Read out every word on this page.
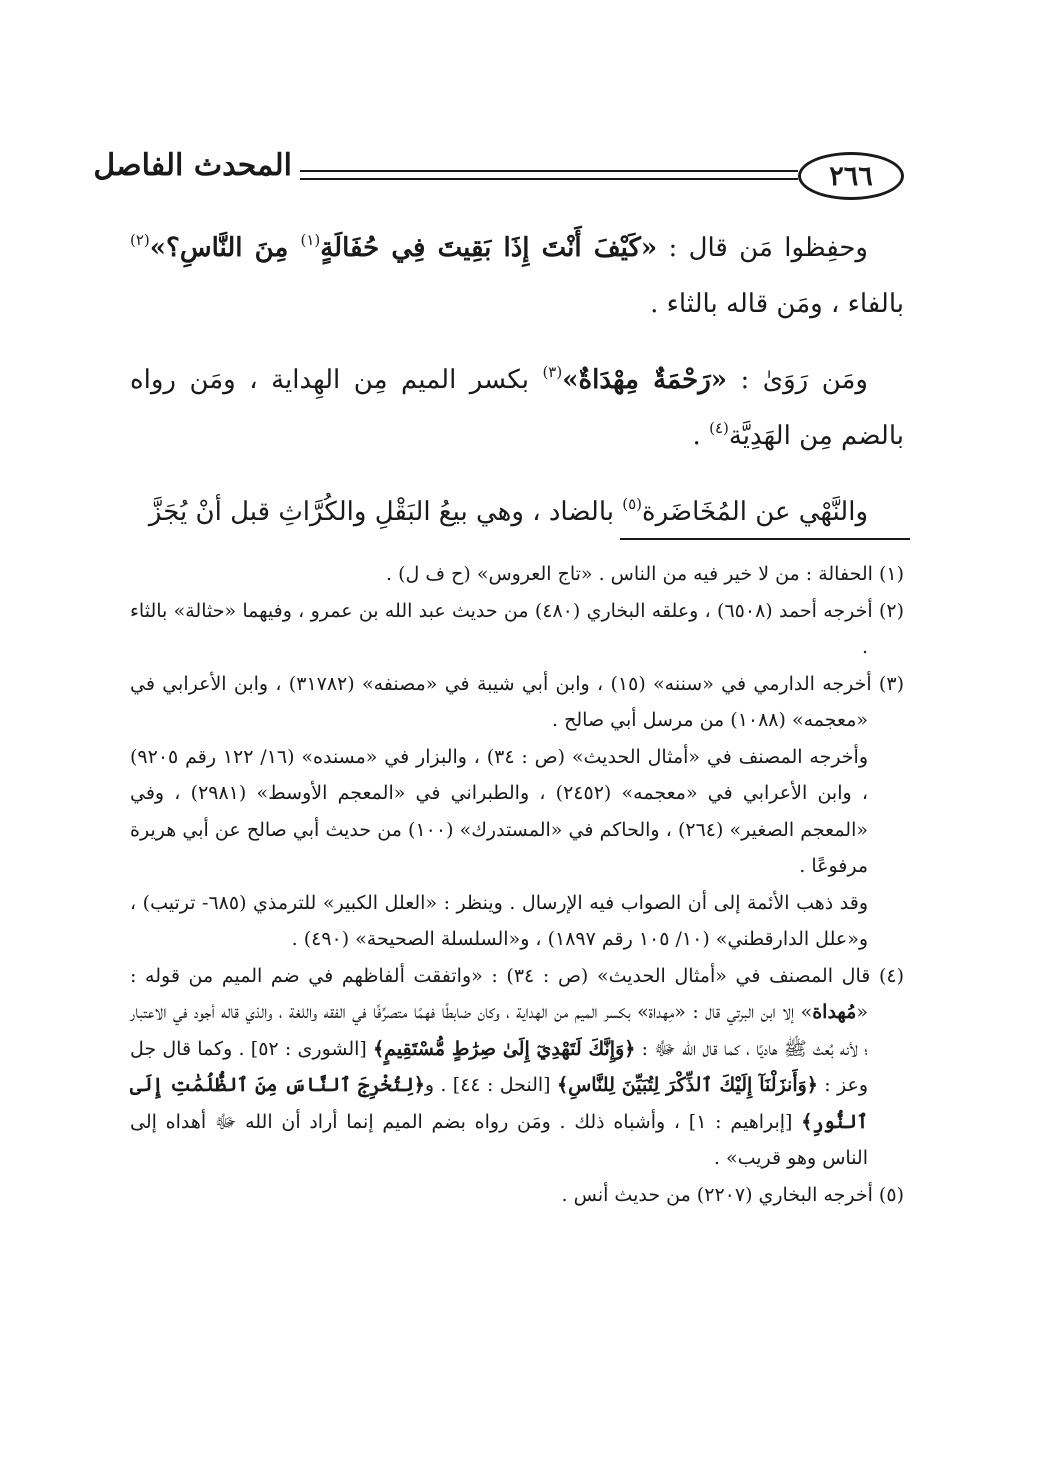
٢٦٦
المحدث الفاصل

وحفِظوا مَن قال : «كَيْفَ أَنْتَ إِذَا بَقِيتَ فِي حُفَالَةٍ$^{(١)}$ مِنَ النَّاسِ؟»$^{(٢)}$ بالفاء ، ومَن قاله بالثاء .

ومَن رَوَىٰ : «رَحْمَةٌ مِهْدَاةٌ»$^{(٣)}$ بكسر الميم مِن الهِداية ، ومَن رواه بالضم مِن الهَدِيَّة$^{(٤)}$ .

والنَّهْي عن المُخَاضَرة$^{(٥)}$ بالضاد ، وهي بيعُ البَقْلِ والكُرَّاثِ قبل أنْ يُجَزَّ

(١) الحفالة : من لا خير فيه من الناس . «تاج العروس» (ح ف ل) .

(٢) أخرجه أحمد (٦٥٠٨) ، وعلقه البخاري (٤٨٠) من حديث عبد الله بن عمرو ، وفيهما «حثالة» بالثاء .

(٣) أخرجه الدارمي في «سننه» (١٥) ، وابن أبي شيبة في «مصنفه» (٣١٧٨٢) ، وابن الأعرابي في «معجمه» (١٠٨٨) من مرسل أبي صالح .

وأخرجه المصنف في «أمثال الحديث» (ص : ٣٤) ، والبزار في «مسنده» (١٦/ ١٢٢ رقم ٩٢٠٥) ، وابن الأعرابي في «معجمه» (٢٤٥٢) ، والطبراني في «المعجم الأوسط» (٢٩٨١) ، وفي «المعجم الصغير» (٢٦٤) ، والحاكم في «المستدرك» (١٠٠) من حديث أبي صالح عن أبي هريرة مرفوعًا .

وقد ذهب الأئمة إلى أن الصواب فيه الإرسال . وينظر : «العلل الكبير» للترمذي (٦٨٥- ترتيب) ، و«علل الدارقطني» (١٠/ ١٠٥ رقم ١٨٩٧) ، و«السلسلة الصحيحة» (٤٩٠) .

(٤) قال المصنف في «أمثال الحديث» (ص : ٣٤) : «واتفقت ألفاظهم في ضم الميم من قوله : «مُهداة» إلا ابن البرتي قال : «مِهداة» بكسر الميم من الهداية ، وكان ضابطًا فهمًا متصرِّفًا في الفقه واللغة ، والذي قاله أجود في الاعتبار ؛ لأنه بُعث ﷺ هاديًا ، كما قال الله ﷻ : ﴿وَإِنَّكَ لَتَهْدِيٓ إِلَىٰ صِرَٰطٍ مُّسْتَقِيمٍ﴾ [الشورى : ٥٢] . وكما قال جل وعز : ﴿وَأَنزَلْنَآ إِلَيْكَ ٱلذِّكْرَ لِتُبَيِّنَ لِلنَّاسِ﴾ [النحل : ٤٤] . و﴿لِتُخْرِجَ ٱلنَّاسَ مِنَ ٱلظُّلُمَٰتِ إِلَى ٱلنُّورِ﴾ [إبراهيم : ١] ، وأشباه ذلك . ومَن رواه بضم الميم إنما أراد أن الله ﷻ أهداه إلى الناس وهو قريب» .

(٥) أخرجه البخاري (٢٢٠٧) من حديث أنس .
